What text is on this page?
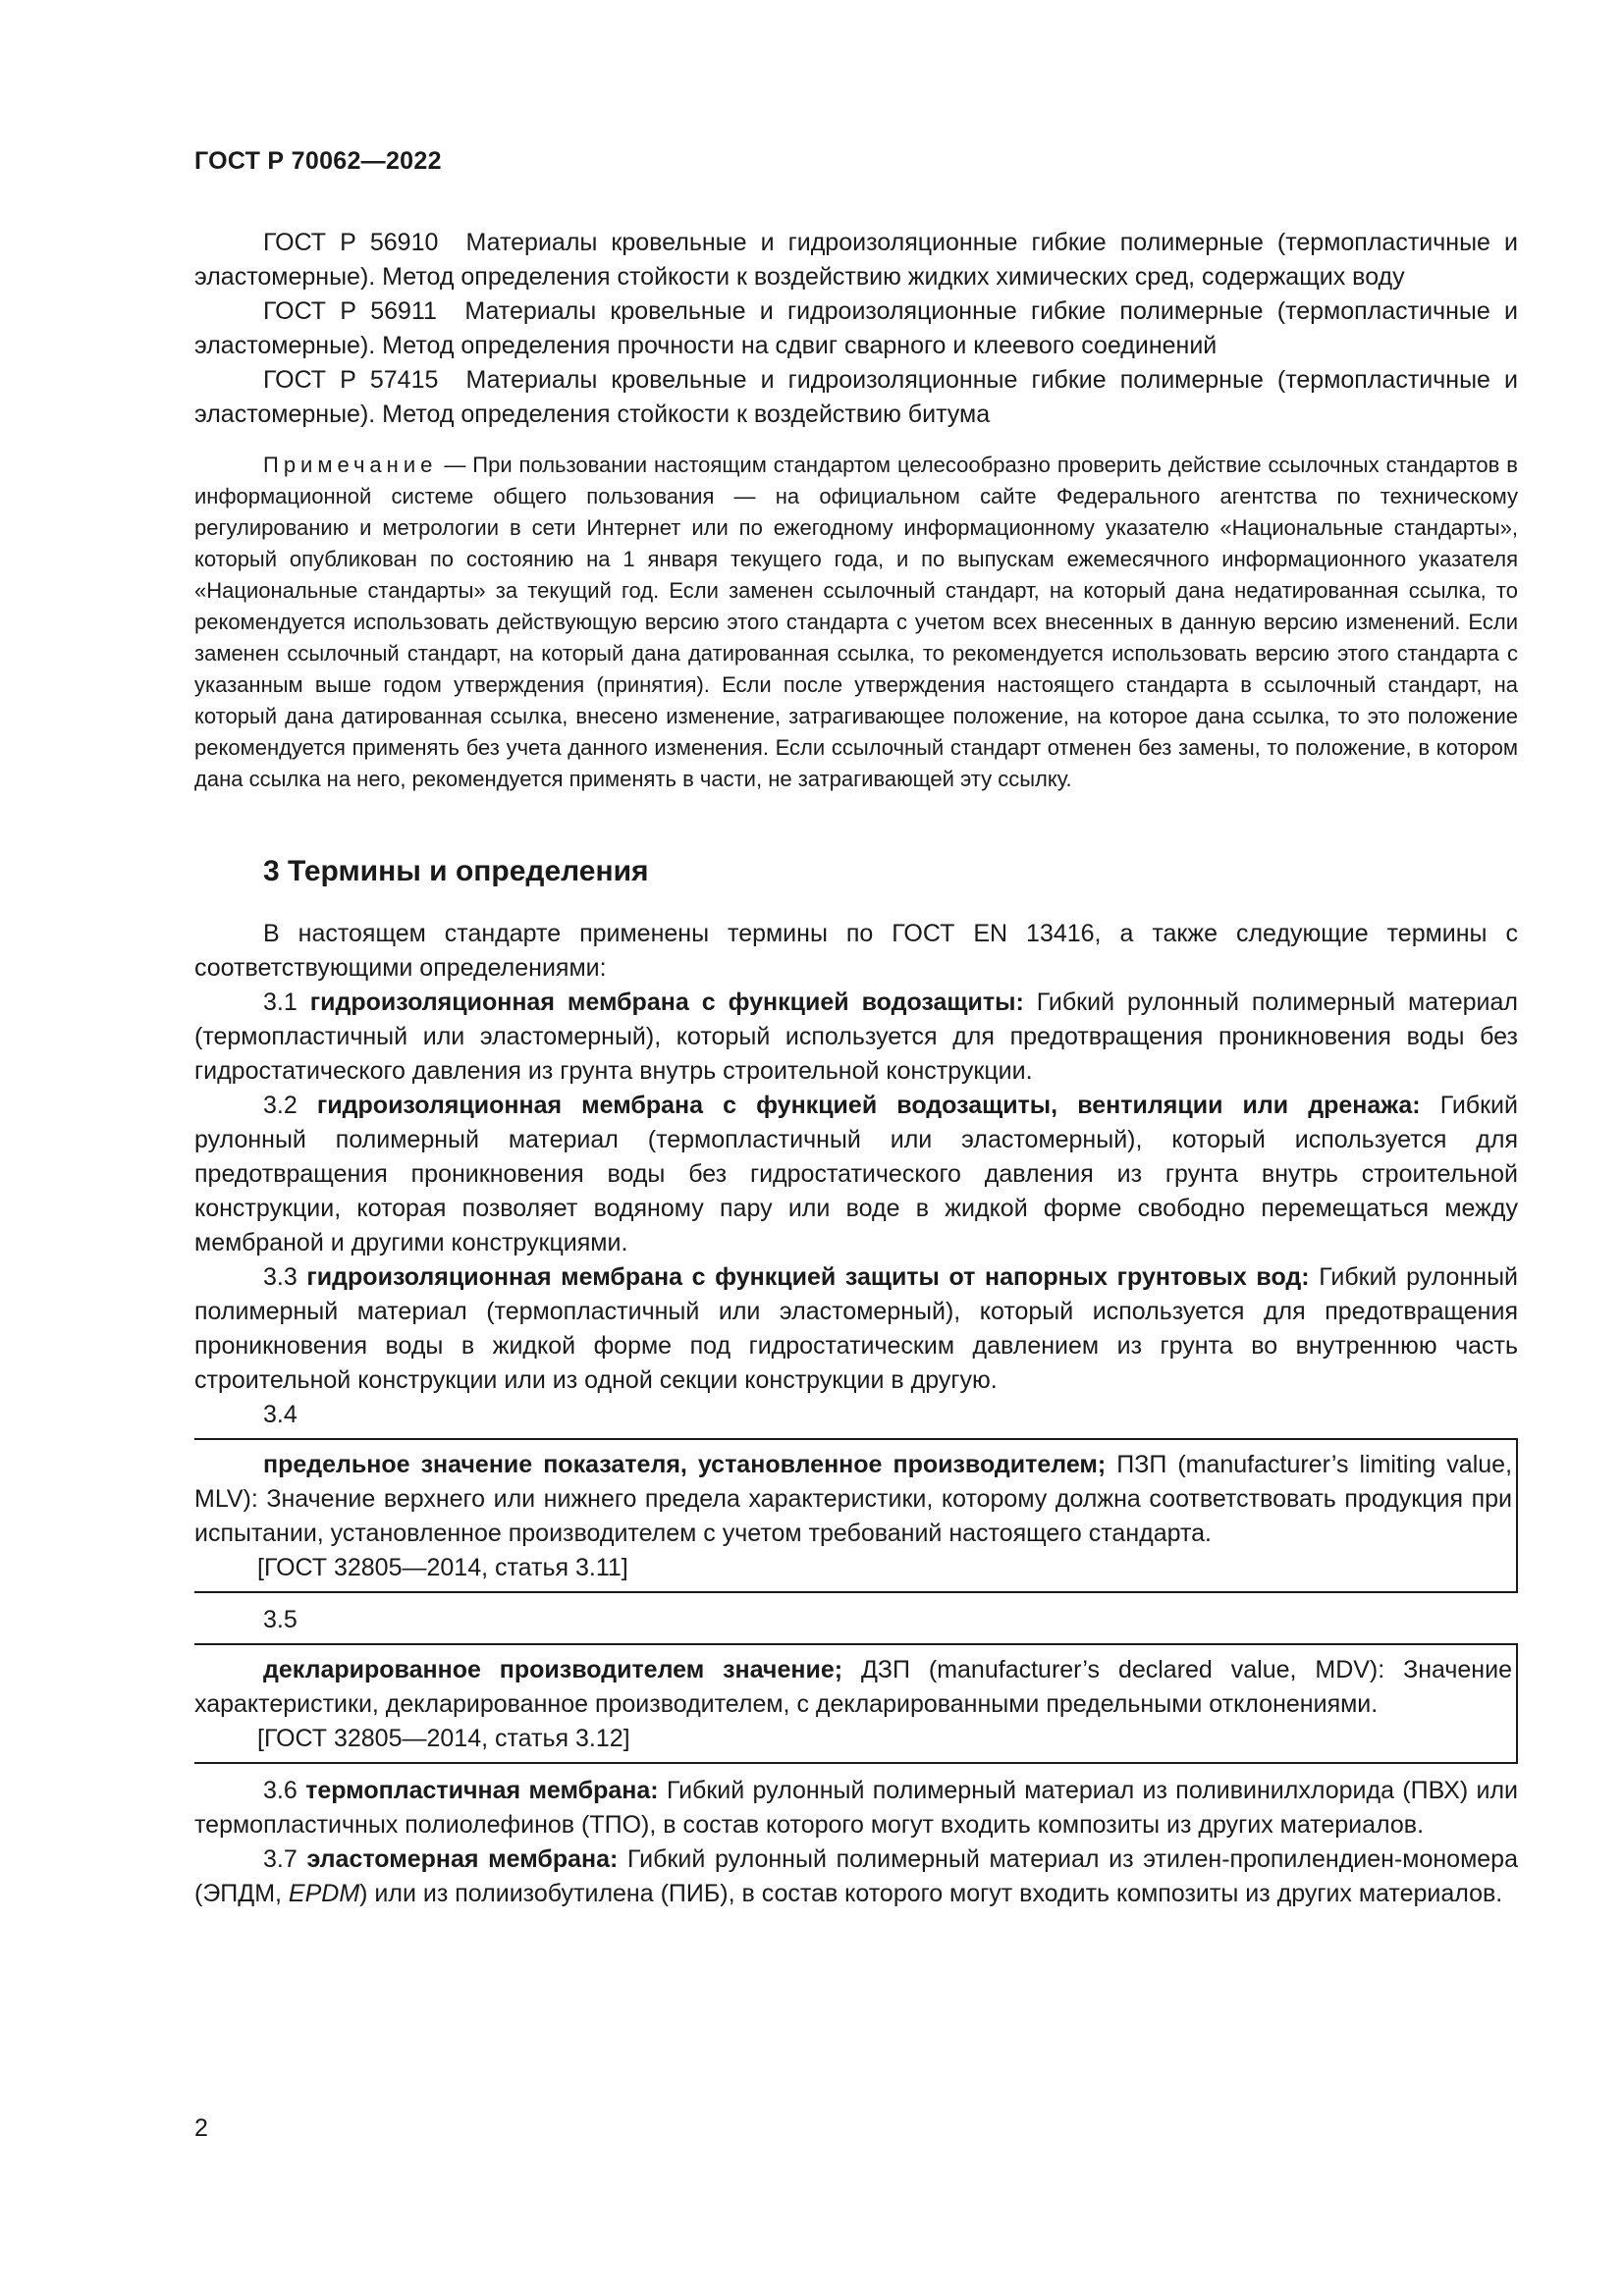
ГОСТ Р 70062—2022

ГОСТ Р 56910 Материалы кровельные и гидроизоляционные гибкие полимерные (термопластичные и эластомерные). Метод определения стойкости к воздействию жидких химических сред, содержащих воду

ГОСТ Р 56911 Материалы кровельные и гидроизоляционные гибкие полимерные (термопластичные и эластомерные). Метод определения прочности на сдвиг сварного и клеевого соединений

ГОСТ Р 57415 Материалы кровельные и гидроизоляционные гибкие полимерные (термопластичные и эластомерные). Метод определения стойкости к воздействию битума

Примечание — При пользовании настоящим стандартом целесообразно проверить действие ссылочных стандартов в информационной системе общего пользования — на официальном сайте Федерального агентства по техническому регулированию и метрологии в сети Интернет или по ежегодному информационному указателю «Национальные стандарты», который опубликован по состоянию на 1 января текущего года, и по выпускам ежемесячного информационного указателя «Национальные стандарты» за текущий год. Если заменен ссылочный стандарт, на который дана недатированная ссылка, то рекомендуется использовать действующую версию этого стандарта с учетом всех внесенных в данную версию изменений. Если заменен ссылочный стандарт, на который дана датированная ссылка, то рекомендуется использовать версию этого стандарта с указанным выше годом утверждения (принятия). Если после утверждения настоящего стандарта в ссылочный стандарт, на который дана датированная ссылка, внесено изменение, затрагивающее положение, на которое дана ссылка, то это положение рекомендуется применять без учета данного изменения. Если ссылочный стандарт отменен без замены, то положение, в котором дана ссылка на него, рекомендуется применять в части, не затрагивающей эту ссылку.

3 Термины и определения

В настоящем стандарте применены термины по ГОСТ EN 13416, а также следующие термины с соответствующими определениями:

3.1 гидроизоляционная мембрана с функцией водозащиты: Гибкий рулонный полимерный материал (термопластичный или эластомерный), который используется для предотвращения проникновения воды без гидростатического давления из грунта внутрь строительной конструкции.

3.2 гидроизоляционная мембрана с функцией водозащиты, вентиляции или дренажа: Гибкий рулонный полимерный материал (термопластичный или эластомерный), который используется для предотвращения проникновения воды без гидростатического давления из грунта внутрь строительной конструкции, которая позволяет водяному пару или воде в жидкой форме свободно перемещаться между мембраной и другими конструкциями.

3.3 гидроизоляционная мембрана с функцией защиты от напорных грунтовых вод: Гибкий рулонный полимерный материал (термопластичный или эластомерный), который используется для предотвращения проникновения воды в жидкой форме под гидростатическим давлением из грунта во внутреннюю часть строительной конструкции или из одной секции конструкции в другую.

3.4

предельное значение показателя, установленное производителем; ПЗП (manufacturer’s limiting value, MLV): Значение верхнего или нижнего предела характеристики, которому должна соответствовать продукция при испытании, установленное производителем с учетом требований настоящего стандарта.

[ГОСТ 32805—2014, статья 3.11]

3.5

декларированное производителем значение; ДЗП (manufacturer’s declared value, MDV): Значение характеристики, декларированное производителем, с декларированными предельными отклонениями.

[ГОСТ 32805—2014, статья 3.12]

3.6 термопластичная мембрана: Гибкий рулонный полимерный материал из поливинилхлорида (ПВХ) или термопластичных полиолефинов (ТПО), в состав которого могут входить композиты из других материалов.

3.7 эластомерная мембрана: Гибкий рулонный полимерный материал из этилен-пропилендиен-мономера (ЭПДМ, EPDM) или из полиизобутилена (ПИБ), в состав которого могут входить композиты из других материалов.

2
